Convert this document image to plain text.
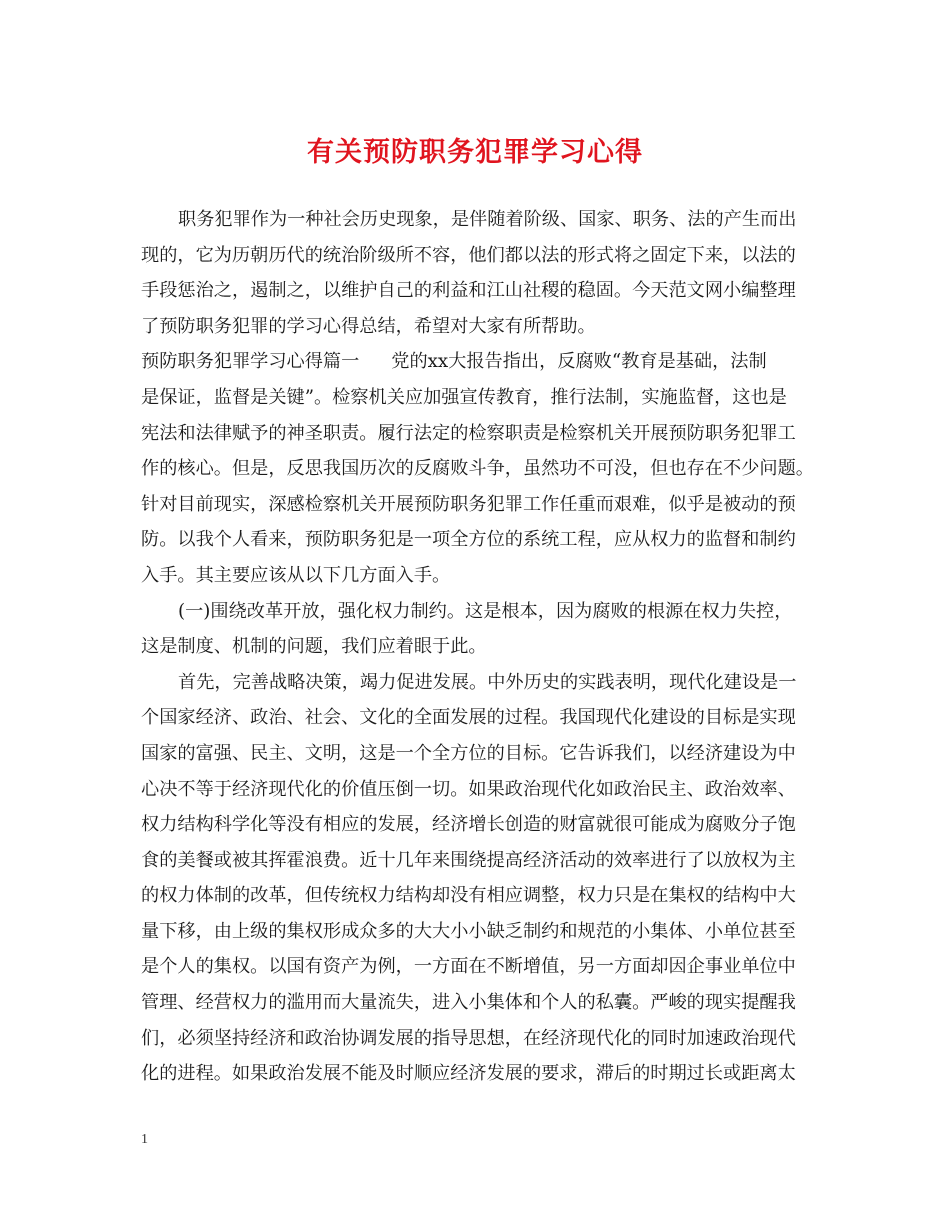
有关预防职务犯罪学习心得
职务犯罪作为一种社会历史现象，是伴随着阶级、国家、职务、法的产生而出
现的，它为历朝历代的统治阶级所不容，他们都以法的形式将之固定下来，以法的
手段惩治之，遏制之，以维护自己的利益和江山社稷的稳固。今天范文网小编整理
了预防职务犯罪的学习心得总结，希望对大家有所帮助。
预防职务犯罪学习心得篇一 党的xx大报告指出，反腐败“教育是基础，法制
是保证，监督是关键”。检察机关应加强宣传教育，推行法制，实施监督，这也是
宪法和法律赋予的神圣职责。履行法定的检察职责是检察机关开展预防职务犯罪工
作的核心。但是，反思我国历次的反腐败斗争，虽然功不可没，但也存在不少问题。
针对目前现实，深感检察机关开展预防职务犯罪工作任重而艰难，似乎是被动的预
防。以我个人看来，预防职务犯是一项全方位的系统工程，应从权力的监督和制约
入手。其主要应该从以下几方面入手。
(一)围绕改革开放，强化权力制约。这是根本，因为腐败的根源在权力失控，
这是制度、机制的问题，我们应着眼于此。
首先，完善战略决策，竭力促进发展。中外历史的实践表明，现代化建设是一
个国家经济、政治、社会、文化的全面发展的过程。我国现代化建设的目标是实现
国家的富强、民主、文明，这是一个全方位的目标。它告诉我们，以经济建设为中
心决不等于经济现代化的价值压倒一切。如果政治现代化如政治民主、政治效率、
权力结构科学化等没有相应的发展，经济增长创造的财富就很可能成为腐败分子饱
食的美餐或被其挥霍浪费。近十几年来围绕提高经济活动的效率进行了以放权为主
的权力体制的改革，但传统权力结构却没有相应调整，权力只是在集权的结构中大
量下移，由上级的集权形成众多的大大小小缺乏制约和规范的小集体、小单位甚至
是个人的集权。以国有资产为例，一方面在不断增值，另一方面却因企事业单位中
管理、经营权力的滥用而大量流失，进入小集体和个人的私囊。严峻的现实提醒我
们，必须坚持经济和政治协调发展的指导思想，在经济现代化的同时加速政治现代
化的进程。如果政治发展不能及时顺应经济发展的要求，滞后的时期过长或距离太
1
